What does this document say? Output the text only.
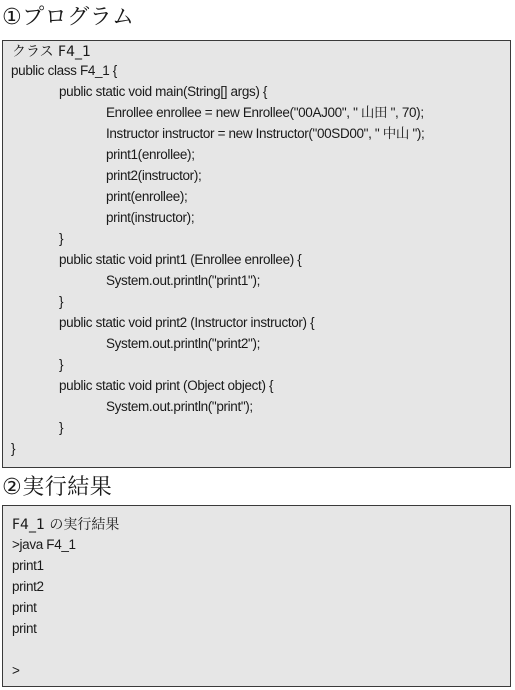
①プログラム
クラス F4_1
public class F4_1 {
public static void main(String[] args) {
Enrollee enrollee = new Enrollee("00AJ00", " 山田 ", 70);
Instructor instructor = new Instructor("00SD00", " 中山 ");
print1(enrollee);
print2(instructor);
print(enrollee);
print(instructor);
}
public static void print1 (Enrollee enrollee) {
System.out.println("print1");
}
public static void print2 (Instructor instructor) {
System.out.println("print2");
}
public static void print (Object object) {
System.out.println("print");
}
}
②実行結果
F4_1 の実行結果
>java F4_1
print1
print2
print
print
>
